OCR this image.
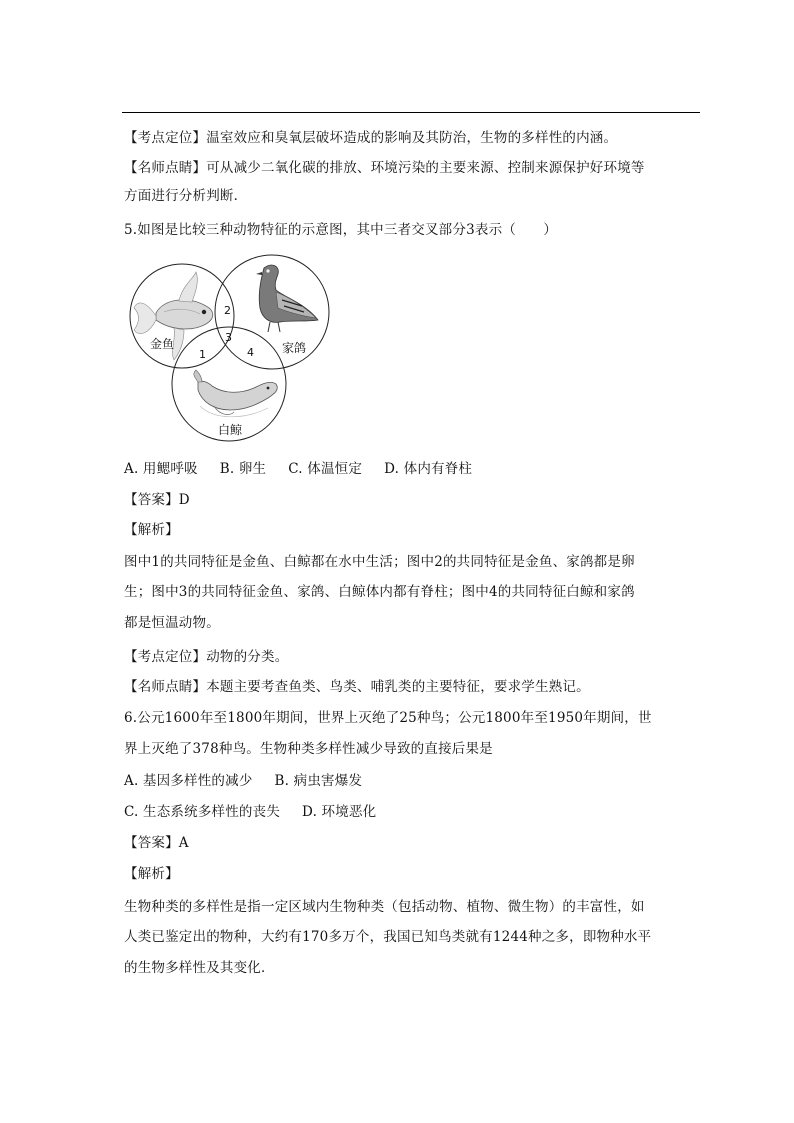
【考点定位】温室效应和臭氧层破坏造成的影响及其防治，生物的多样性的内涵。
【名师点睛】可从减少二氧化碳的排放、环境污染的主要来源、控制来源保护好环境等
方面进行分析判断．
5.如图是比较三种动物特征的示意图，其中三者交叉部分3表示（　　）
金鱼	家鸽
白鲸
2
3
1	4
A. 用鳃呼吸 B. 卵生 C. 体温恒定 D. 体内有脊柱
【答案】D
【解析】
图中1的共同特征是金鱼、白鲸都在水中生活；图中2的共同特征是金鱼、家鸽都是卵
生；图中3的共同特征金鱼、家鸽、白鲸体内都有脊柱；图中4的共同特征白鲸和家鸽
都是恒温动物。
【考点定位】动物的分类。
【名师点睛】本题主要考查鱼类、鸟类、哺乳类的主要特征，要求学生熟记。
6.公元1600年至1800年期间，世界上灭绝了25种鸟；公元1800年至1950年期间，世
界上灭绝了378种鸟。生物种类多样性减少导致的直接后果是
A. 基因多样性的减少 B. 病虫害爆发
C. 生态系统多样性的丧失 D. 环境恶化
【答案】A
【解析】
生物种类的多样性是指一定区域内生物种类（包括动物、植物、微生物）的丰富性，如
人类已鉴定出的物种，大约有170多万个，我国已知鸟类就有1244种之多，即物种水平
的生物多样性及其变化．
